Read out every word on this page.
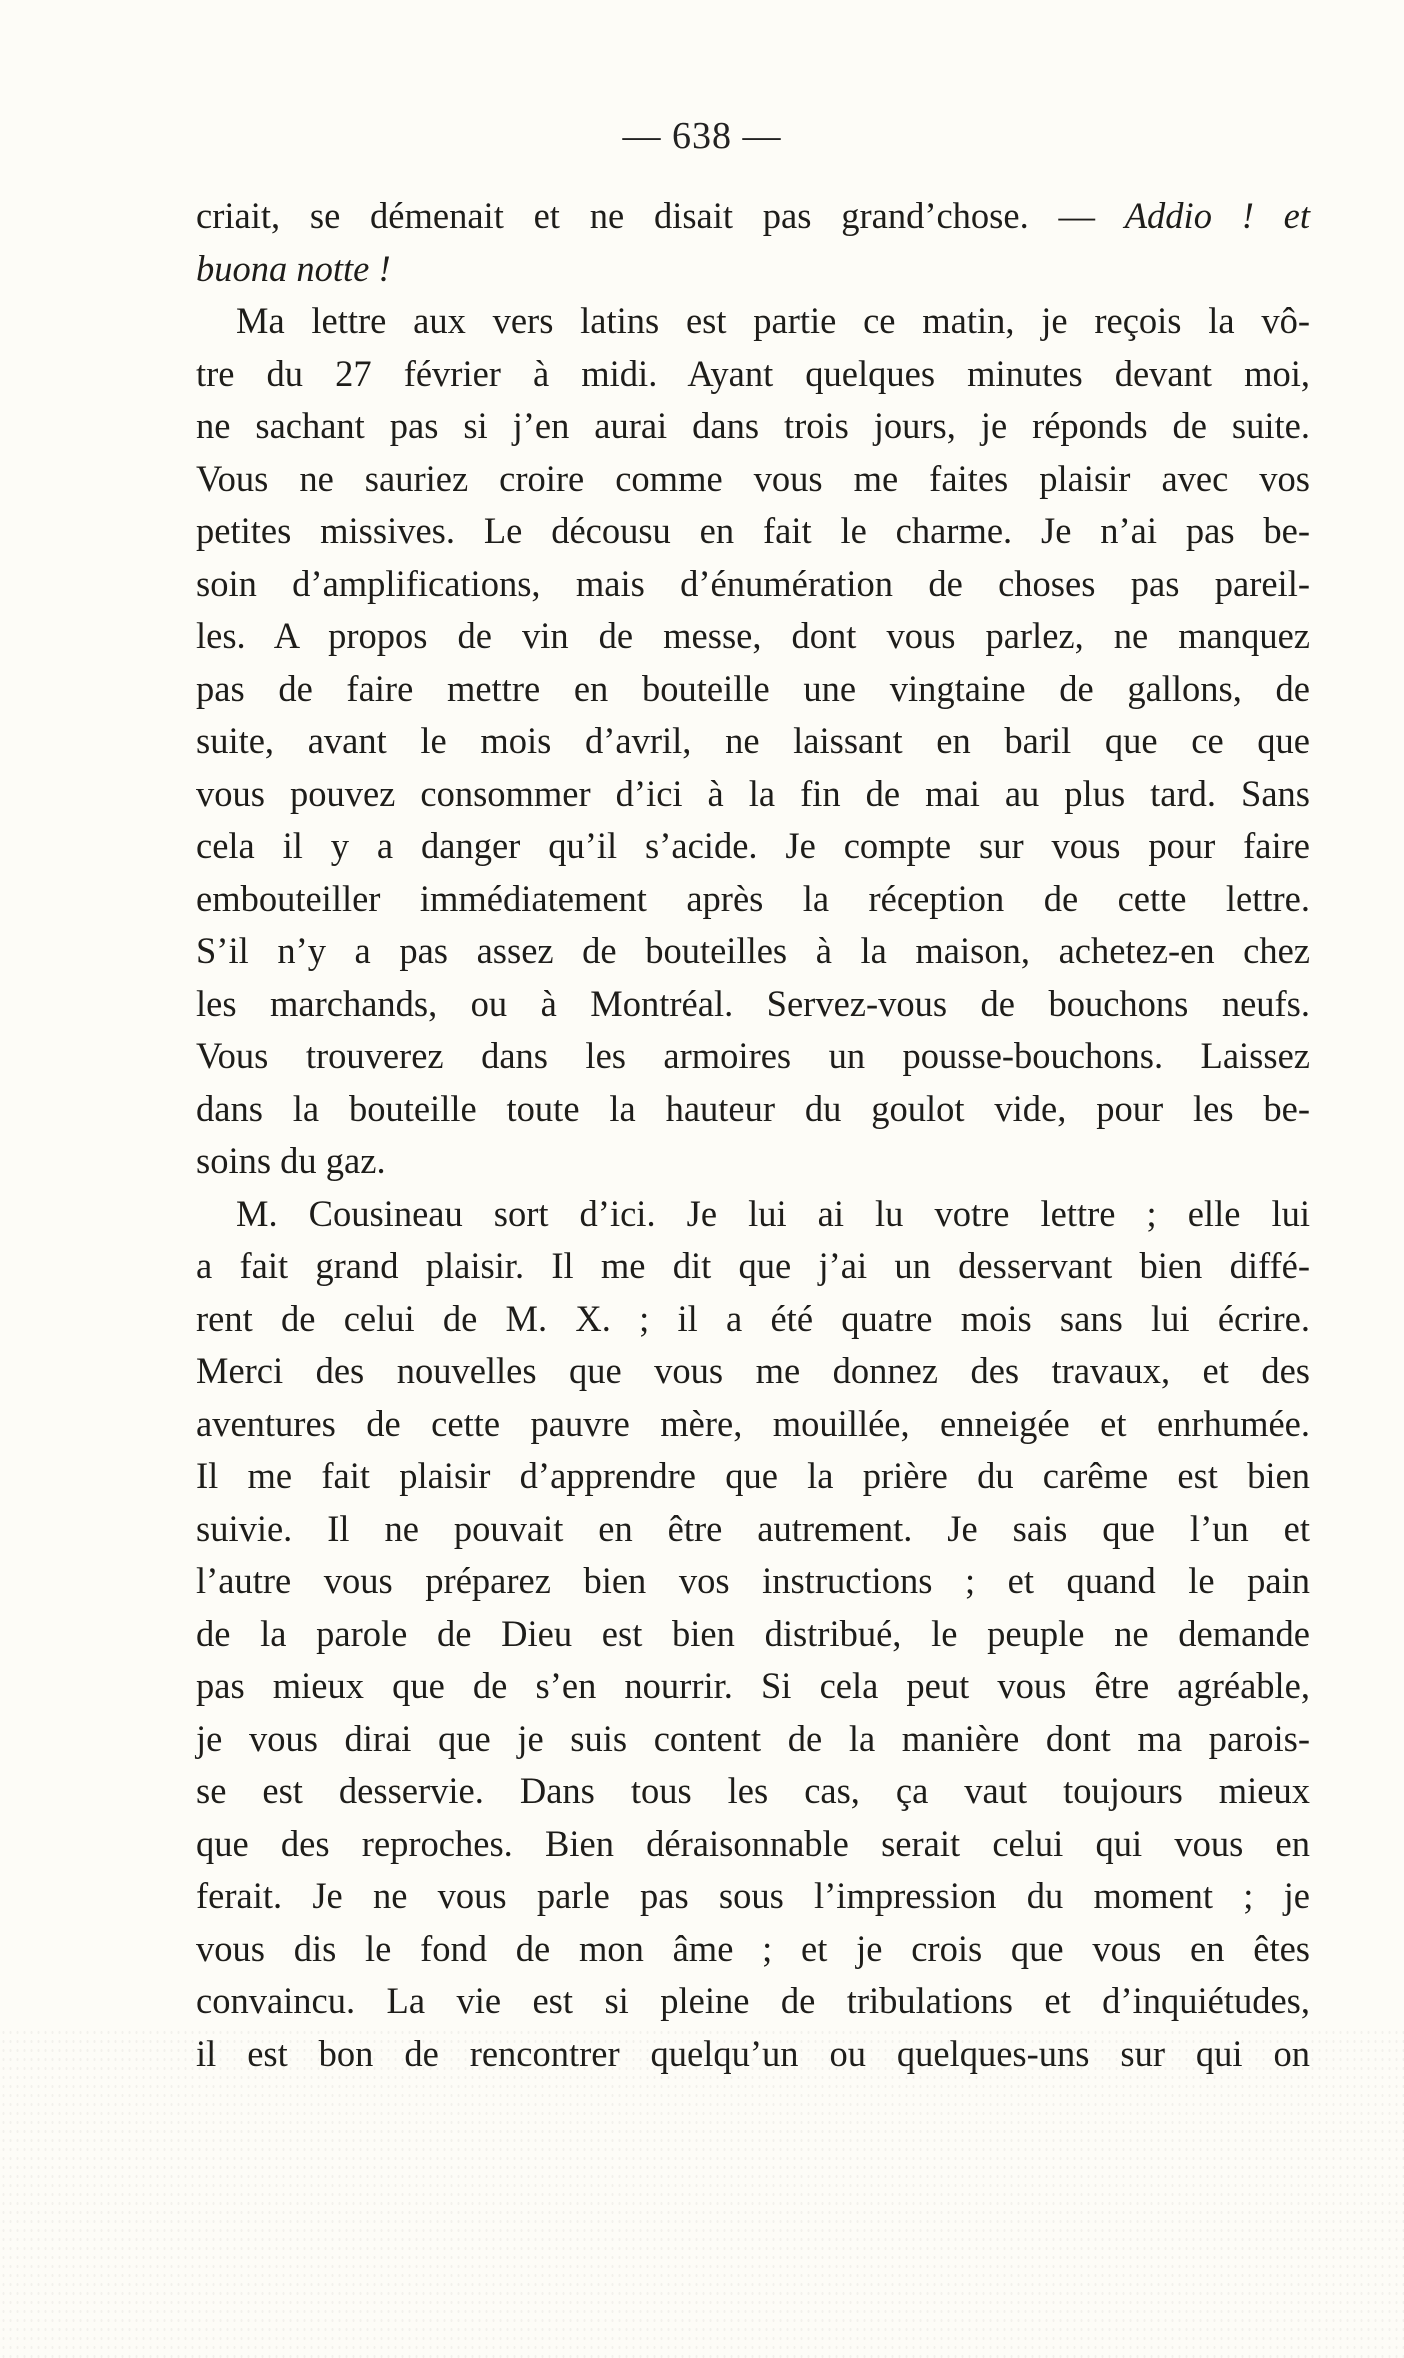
— 638 —
criait, se démenait et ne disait pas grand’chose. — Addio ! et
buona notte !
Ma lettre aux vers latins est partie ce matin, je reçois la vô-
tre du 27 février à midi. Ayant quelques minutes devant moi,
ne sachant pas si j’en aurai dans trois jours, je réponds de suite.
Vous ne sauriez croire comme vous me faites plaisir avec vos
petites missives. Le décousu en fait le charme. Je n’ai pas be-
soin d’amplifications, mais d’énumération de choses pas pareil-
les. A propos de vin de messe, dont vous parlez, ne manquez
pas de faire mettre en bouteille une vingtaine de gallons, de
suite, avant le mois d’avril, ne laissant en baril que ce que
vous pouvez consommer d’ici à la fin de mai au plus tard. Sans
cela il y a danger qu’il s’acide. Je compte sur vous pour faire
embouteiller immédiatement après la réception de cette lettre.
S’il n’y a pas assez de bouteilles à la maison, achetez-en chez
les marchands, ou à Montréal. Servez-vous de bouchons neufs.
Vous trouverez dans les armoires un pousse-bouchons. Laissez
dans la bouteille toute la hauteur du goulot vide, pour les be-
soins du gaz.
M. Cousineau sort d’ici. Je lui ai lu votre lettre ; elle lui
a fait grand plaisir. Il me dit que j’ai un desservant bien diffé-
rent de celui de M. X. ; il a été quatre mois sans lui écrire.
Merci des nouvelles que vous me donnez des travaux, et des
aventures de cette pauvre mère, mouillée, enneigée et enrhumée.
Il me fait plaisir d’apprendre que la prière du carême est bien
suivie. Il ne pouvait en être autrement. Je sais que l’un et
l’autre vous préparez bien vos instructions ; et quand le pain
de la parole de Dieu est bien distribué, le peuple ne demande
pas mieux que de s’en nourrir. Si cela peut vous être agréable,
je vous dirai que je suis content de la manière dont ma parois-
se est desservie. Dans tous les cas, ça vaut toujours mieux
que des reproches. Bien déraisonnable serait celui qui vous en
ferait. Je ne vous parle pas sous l’impression du moment ; je
vous dis le fond de mon âme ; et je crois que vous en êtes
convaincu. La vie est si pleine de tribulations et d’inquiétudes,
il est bon de rencontrer quelqu’un ou quelques-uns sur qui on
